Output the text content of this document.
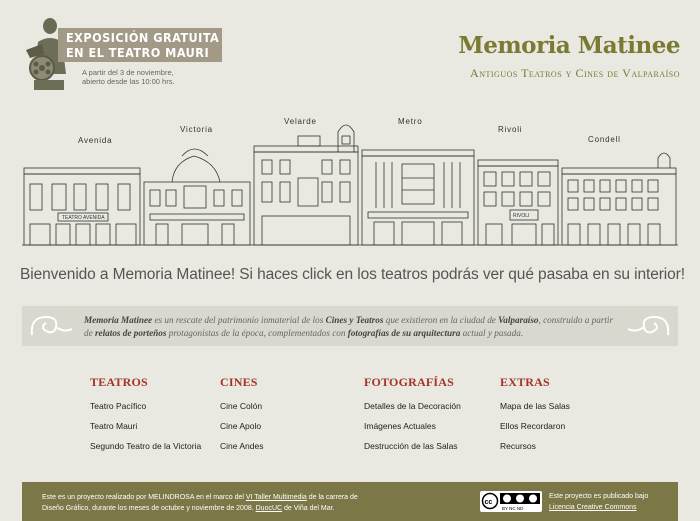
EXPOSICIÓN GRATUITA
EN EL TEATRO MAURI
A partir del 3 de noviembre,
abierto desde las 10:00 hrs.
Memoria Matinee
Antiguos Teatros y Cines de Valparaíso
Avenida
Victoria
Velarde	Metro
Rivoli
Condell
TEATRO AVENIDA	RIVOLI
Bienvenido a Memoria Matinee! Si haces click en los teatros podrás ver qué pasaba en su interior!
Memoria Matinee es un rescate del patrimonio inmaterial de los Cines y Teatros que existieron en la ciudad de Valparaíso, construido a partir de relatos de porteños protagonistas de la época, complementados con fotografías de su arquitectura actual y pasada.
TEATROS
Teatro Pacífico
Teatro Mauri
Segundo Teatro de la Victoria
CINES
Cine Colón
Cine Apolo
Cine Andes
FOTOGRAFÍAS
Detalles de la Decoración
Imágenes Actuales
Destrucción de las Salas
EXTRAS
Mapa de las Salas
Ellos Recordaron
Recursos
Este es un proyecto realizado por MELINDROSA en el marco del VI Taller Multimedia de la carrera de
Diseño Gráfico, durante los meses de octubre y noviembre de 2008. DuocUC de Viña del Mar.
cc
BY NC ND
Este proyecto es publicado bajo
Licencia Creative Commons
